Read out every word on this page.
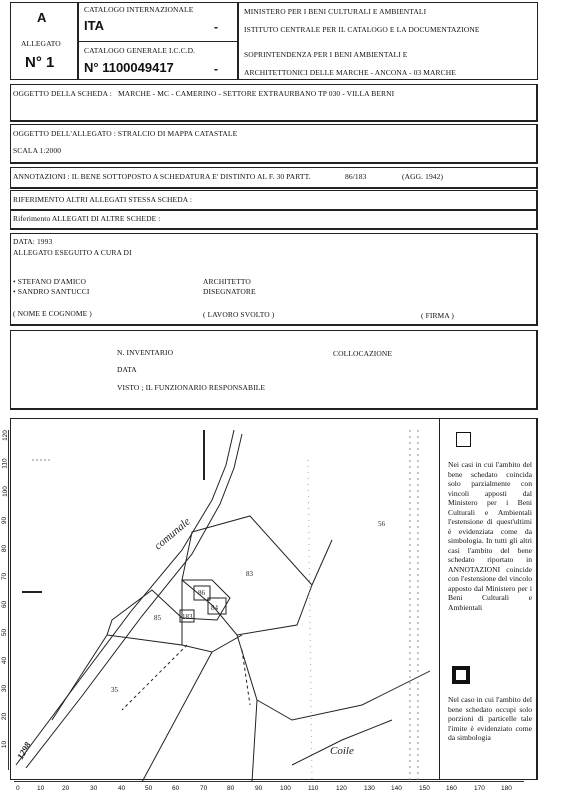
A
ALLEGATO
N° 1
CATALOGO INTERNAZIONALE
ITA	-
CATALOGO GENERALE I.C.C.D.
N° 1100049417	-
MINISTERO PER I BENI CULTURALI E AMBIENTALI
ISTITUTO CENTRALE PER IL CATALOGO E LA DOCUMENTAZIONE
SOPRINTENDENZA PER I BENI AMBIENTALI E
ARCHITETTONICI DELLE MARCHE - ANCONA - 03 MARCHE
OGGETTO DELLA SCHEDA : MARCHE - MC - CAMERINO - SETTORE EXTRAURBANO TP 030 - VILLA BERNI
OGGETTO DELL'ALLEGATO : STRALCIO DI MAPPA CATASTALE
SCALA 1:2000
ANNOTAZIONI : IL BENE SOTTOPOSTO A SCHEDATURA E' DISTINTO AL F. 30 PARTT.	86/183	(AGG. 1942)
RIFERIMENTO ALTRI ALLEGATI STESSA SCHEDA :
Riferimento ALLEGATI DI ALTRE SCHEDE :
DATA: 1993
ALLEGATO ESEGUITO A CURA DI
• STEFANO D'AMICO
• SANDRO SANTUCCI
ARCHITETTO
DISEGNATORE
( NOME E COGNOME )	( LAVORO SVOLTO )	( FIRMA )
N. INVENTARIO	COLLOCAZIONE
DATA
VISTO ; IL FUNZIONARIO RESPONSABILE
120
110
100
90
80
70
60
50
40
30
20
10
0	10	20	30	40	50	60	70	80	90	100	110	120	130 140	150 160	170 180
comunale
Coile
1298
56
83
86
84
183
85
35
Nei casi in cui l'ambito del bene schedato coincida solo parzialmente con vincoli apposti dal Ministero per i Beni Culturali e Ambientali l'estensione di quest'ultimi è evidenziata come da simbologia. In tutti gli altri casi l'ambito del bene schedato riportato in ANNOTAZIONI coincide con l'estensione del vincolo apposto dal Ministero per i Beni Culturali e Ambientali
Nel caso in cui l'ambito del bene schedato occupi solo porzioni di particelle tale l'imite è evidenziato come da simbologia
